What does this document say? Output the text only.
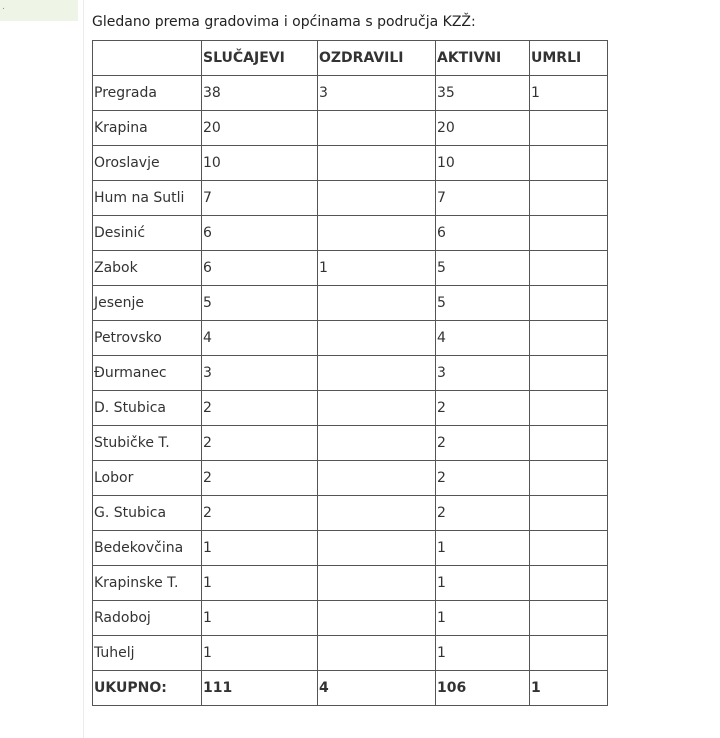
.
Gledano prema gradovima i općinama s područja KZŽ:
	SLUČAJEVI	OZDRAVILI	AKTIVNI	UMRLI
Pregrada	38	3	35	1
Krapina	20		20	
Oroslavje	10		10	
Hum na Sutli	7		7	
Desinić	6		6	
Zabok	6	1	5	
Jesenje	5		5	
Petrovsko	4		4	
Đurmanec	3		3	
D. Stubica	2		2	
Stubičke T.	2		2	
Lobor	2		2	
G. Stubica	2		2	
Bedekovčina	1		1	
Krapinske T.	1		1	
Radoboj	1		1	
Tuhelj	1		1	
UKUPNO:	111	4	106	1
